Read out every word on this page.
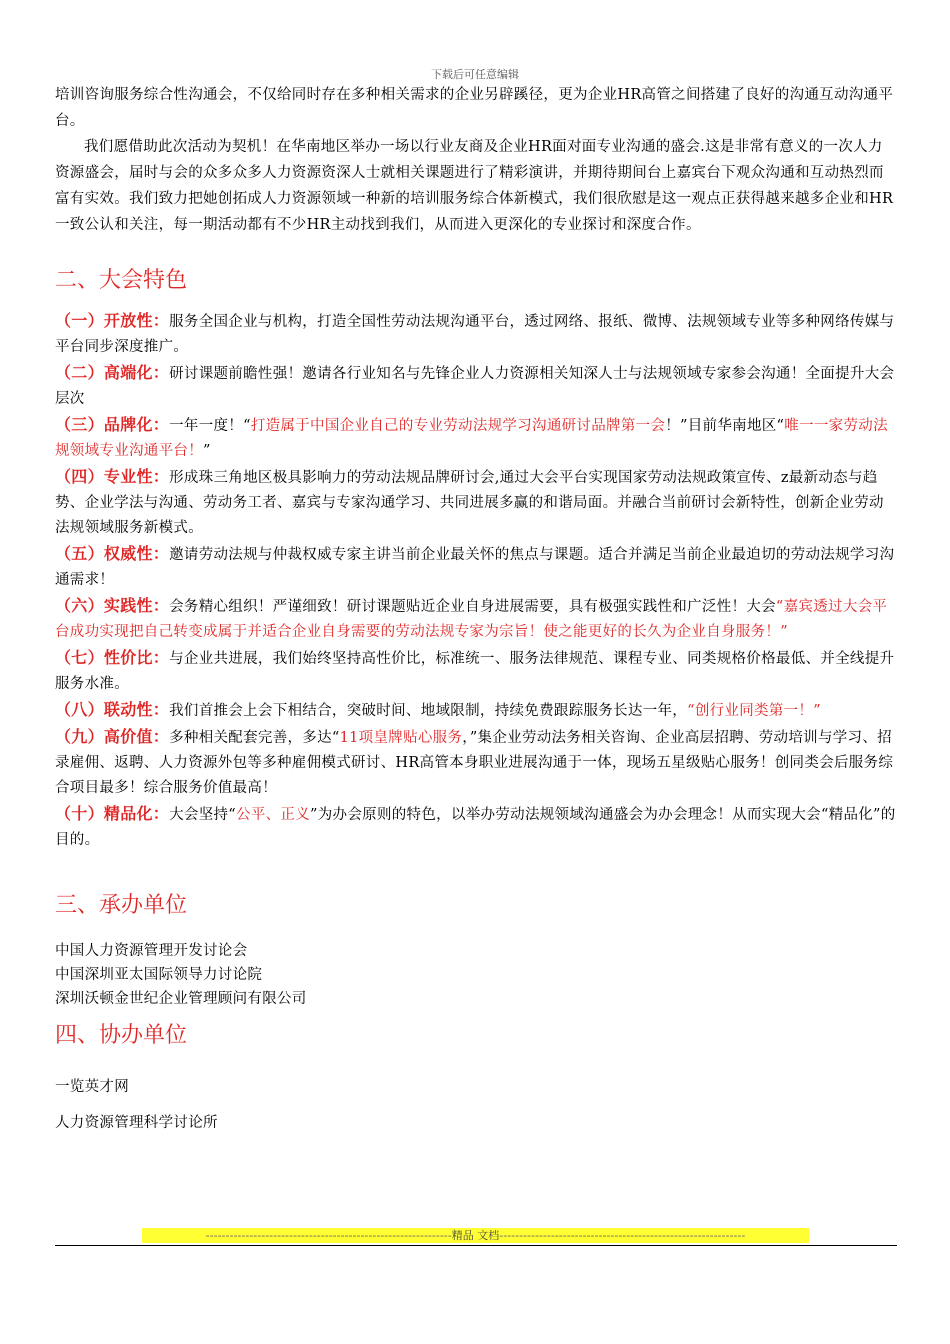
下载后可任意编辑

培训咨询服务综合性沟通会，不仅给同时存在多种相关需求的企业另辟蹊径，更为企业HR高管之间搭建了良好的沟通互动沟通平台。

我们愿借助此次活动为契机！在华南地区举办一场以行业友商及企业HR面对面专业沟通的盛会.这是非常有意义的一次人力资源盛会，届时与会的众多众多人力资源资深人士就相关课题进行了精彩演讲，并期待期间台上嘉宾台下观众沟通和互动热烈而富有实效。我们致力把她创拓成人力资源领域一种新的培训服务综合体新模式，我们很欣慰是这一观点正获得越来越多企业和HR一致公认和关注，每一期活动都有不少HR主动找到我们，从而进入更深化的专业探讨和深度合作。

二、大会特色

（一）开放性：服务全国企业与机构，打造全国性劳动法规沟通平台，透过网络、报纸、微博、法规领域专业等多种网络传媒与平台同步深度推广。

（二）高端化：研讨课题前瞻性强！邀请各行业知名与先锋企业人力资源相关知深人士与法规领域专家参会沟通！全面提升大会层次

（三）品牌化：一年一度！“打造属于中国企业自己的专业劳动法规学习沟通研讨品牌第一会！”目前华南地区“唯一一家劳动法规领域专业沟通平台！”

（四）专业性：形成珠三角地区极具影响力的劳动法规品牌研讨会,通过大会平台实现国家劳动法规政策宣传、z最新动态与趋势、企业学法与沟通、劳动务工者、嘉宾与专家沟通学习、共同进展多赢的和谐局面。并融合当前研讨会新特性，创新企业劳动法规领域服务新模式。

（五）权威性：邀请劳动法规与仲裁权威专家主讲当前企业最关怀的焦点与课题。适合并满足当前企业最迫切的劳动法规学习沟通需求！

（六）实践性：会务精心组织！严谨细致！研讨课题贴近企业自身进展需要，具有极强实践性和广泛性！大会“嘉宾透过大会平台成功实现把自己转变成属于并适合企业自身需要的劳动法规专家为宗旨！使之能更好的长久为企业自身服务！”

（七）性价比：与企业共进展，我们始终坚持高性价比，标准统一、服务法律规范、课程专业、同类规格价格最低、并全线提升服务水准。

（八）联动性：我们首推会上会下相结合，突破时间、地域限制，持续免费跟踪服务长达一年，“创行业同类第一！”

（九）高价值：多种相关配套完善，多达“11项皇牌贴心服务，”集企业劳动法务相关咨询、企业高层招聘、劳动培训与学习、招录雇佣、返聘、人力资源外包等多种雇佣模式研讨、HR高管本身职业进展沟通于一体，现场五星级贴心服务！创同类会后服务综合项目最多！综合服务价值最高！

（十）精品化：大会坚持“公平、正义”为办会原则的特色，以举办劳动法规领域沟通盛会为办会理念！从而实现大会“精品化”的目的。

三、承办单位
中国人力资源管理开发讨论会
中国深圳亚太国际领导力讨论院
深圳沃顿金世纪企业管理顾问有限公司
四、协办单位
一览英才网
人力资源管理科学讨论所
--------------------------------------------------------------精品 文档--------------------------------------------------------------
